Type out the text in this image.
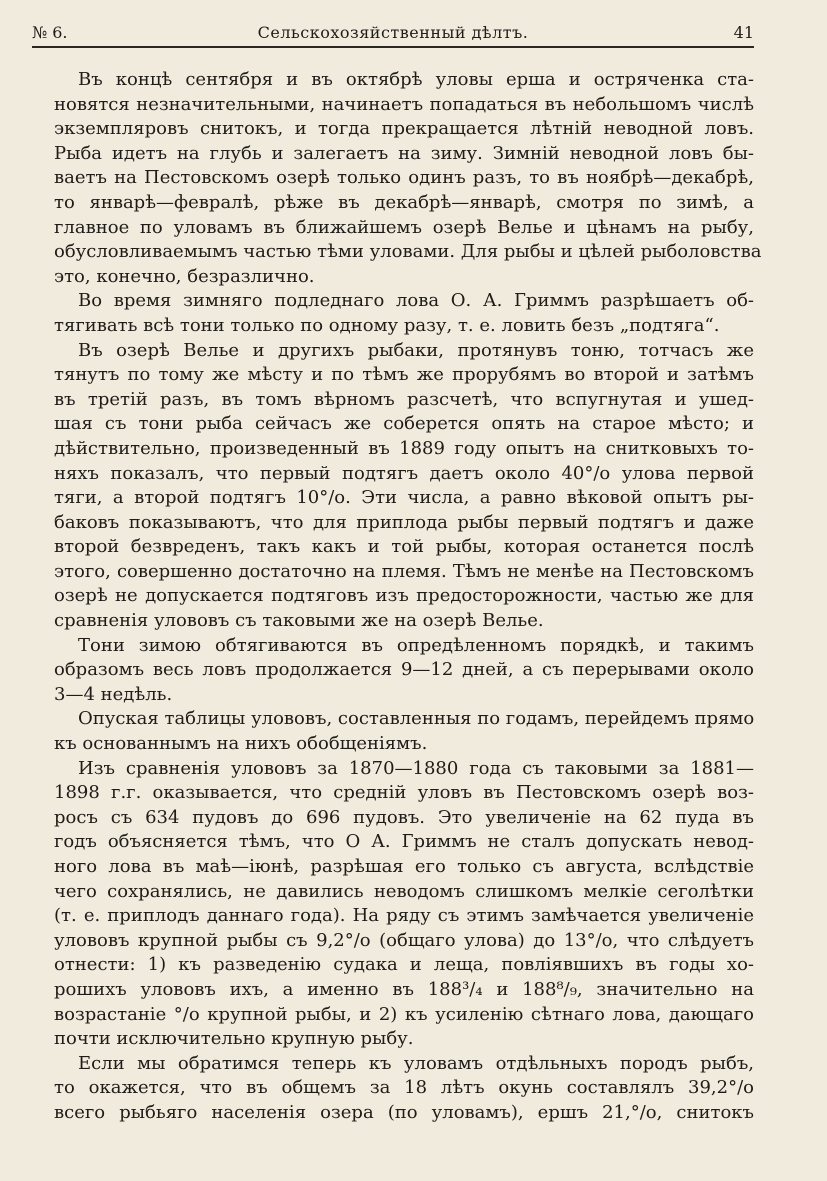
№ 6.	Сельскохозяйственный дѣлтъ.	41

Въ концѣ сентября и въ октябрѣ уловы ерша и остряченка ста-
новятся незначительными, начинаетъ попадаться въ небольшомъ числѣ
экземпляровъ снитокъ, и тогда прекращается лѣтній неводной ловъ.
Рыба идетъ на глубь и залегаетъ на зиму. Зимній неводной ловъ бы-
ваетъ на Пестовскомъ озерѣ только одинъ разъ, то въ ноябрѣ—декабрѣ,
то январѣ—февралѣ, рѣже въ декабрѣ—январѣ, смотря по зимѣ, а
главное по уловамъ въ ближайшемъ озерѣ Велье и цѣнамъ на рыбу,
обусловливаемымъ частью тѣми уловами. Для рыбы и цѣлей рыболовства
это, конечно, безразлично.

Во время зимняго подледнаго лова О. А. Гриммъ разрѣшаетъ об-
тягивать всѣ тони только по одному разу, т. е. ловить безъ „подтяга“.

Въ озерѣ Велье и другихъ рыбаки, протянувъ тоню, тотчасъ же
тянутъ по тому же мѣсту и по тѣмъ же прорубямъ во второй и затѣмъ
въ третій разъ, въ томъ вѣрномъ разсчетѣ, что вспугнутая и ушед-
шая съ тони рыба сейчасъ же соберется опять на старое мѣсто; и
дѣйствительно, произведенный въ 1889 году опытъ на снитковыхъ то-
няхъ показалъ, что первый подтягъ даетъ около 40°/о улова первой
тяги, а второй подтягъ 10°/о. Эти числа, а равно вѣковой опытъ ры-
баковъ показываютъ, что для приплода рыбы первый подтягъ и даже
второй безвреденъ, такъ какъ и той рыбы, которая останется послѣ
этого, совершенно достаточно на племя. Тѣмъ не менѣе на Пестовскомъ
озерѣ не допускается подтяговъ изъ предосторожности, частью же для
сравненія улововъ съ таковыми же на озерѣ Велье.

Тони зимою обтягиваются въ опредѣленномъ порядкѣ, и такимъ
образомъ весь ловъ продолжается 9—12 дней, а съ перерывами около
3—4 недѣль.

Опуская таблицы улововъ, составленныя по годамъ, перейдемъ прямо
къ основаннымъ на нихъ обобщеніямъ.

Изъ сравненія улововъ за 1870—1880 года съ таковыми за 1881—
1898 г.г. оказывается, что средній уловъ въ Пестовскомъ озерѣ воз-
росъ съ 634 пудовъ до 696 пудовъ. Это увеличеніе на 62 пуда въ
годъ объясняется тѣмъ, что О А. Гриммъ не сталъ допускать невод-
ного лова въ маѣ—іюнѣ, разрѣшая его только съ августа, вслѣдствіе
чего сохранялись, не давились неводомъ слишкомъ мелкіе сеголѣтки
(т. е. приплодъ даннаго года). На ряду съ этимъ замѣчается увеличеніе
улововъ крупной рыбы съ 9,2°/о (общаго улова) до 13°/о, что слѣдуетъ
отнести: 1) къ разведенію судака и леща, повліявшихъ въ годы хо-
рошихъ улововъ ихъ, а именно въ 188³/₄ и 188⁸/₉, значительно на
возрастаніе °/о крупной рыбы, и 2) къ усиленію сѣтнаго лова, дающаго
почти исключительно крупную рыбу.

Если мы обратимся теперь къ уловамъ отдѣльныхъ породъ рыбъ,
то окажется, что въ общемъ за 18 лѣтъ окунь составлялъ 39,2°/о
всего рыбьяго населенія озера (по уловамъ), ершъ 21,°/о, снитокъ
